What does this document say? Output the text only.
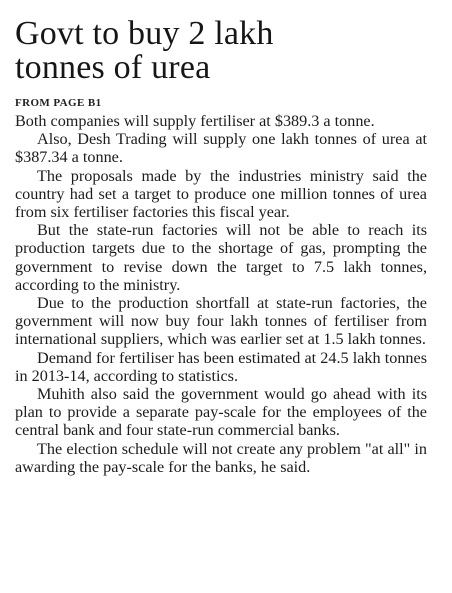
Govt to buy 2 lakh
tonnes of urea
FROM PAGE B1

Both companies will supply fertiliser at $389.3 a tonne.

Also, Desh Trading will supply one lakh tonnes of urea at $387.34 a tonne.

The proposals made by the industries ministry said the country had set a target to produce one million tonnes of urea from six fertiliser factories this fiscal year.

But the state-run factories will not be able to reach its production targets due to the shortage of gas, prompting the government to revise down the target to 7.5 lakh tonnes, according to the ministry.

Due to the production shortfall at state-run factories, the government will now buy four lakh tonnes of fertiliser from international suppliers, which was earlier set at 1.5 lakh tonnes.

Demand for fertiliser has been estimated at 24.5 lakh tonnes in 2013-14, according to statistics.

Muhith also said the government would go ahead with its plan to provide a separate pay-scale for the employees of the central bank and four state-run commercial banks.

The election schedule will not create any problem "at all" in awarding the pay-scale for the banks, he said.
